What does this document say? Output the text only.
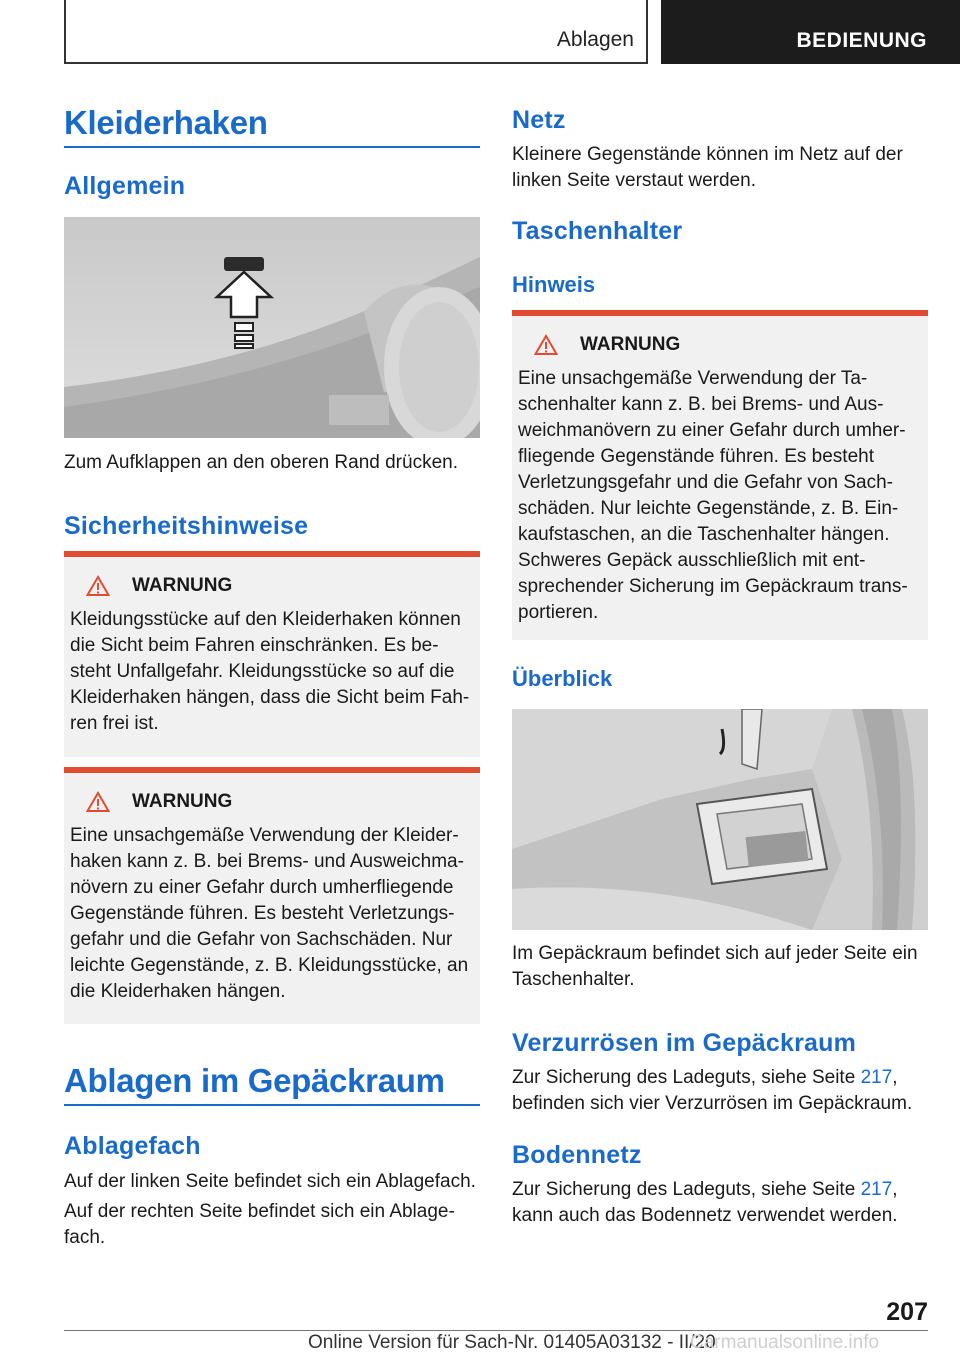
Ablagen	BEDIENUNG
Kleiderhaken
Allgemein

Zum Aufklappen an den oberen Rand drücken.

Sicherheitshinweise
WARNUNG

Kleidungsstücke auf den Kleiderhaken können die Sicht beim Fahren einschränken. Es be-steht Unfallgefahr. Kleidungsstücke so auf die Kleiderhaken hängen, dass die Sicht beim Fah-ren frei ist.

WARNUNG

Eine unsachgemäße Verwendung der Kleider-haken kann z. B. bei Brems- und Ausweichma-növern zu einer Gefahr durch umherfliegende Gegenstände führen. Es besteht Verletzungs-gefahr und die Gefahr von Sachschäden. Nur leichte Gegenstände, z. B. Kleidungsstücke, an die Kleiderhaken hängen.

Ablagen im Gepäckraum
Ablagefach

Auf der linken Seite befindet sich ein Ablagefach.

Auf der rechten Seite befindet sich ein Ablage-fach.

Netz

Kleinere Gegenstände können im Netz auf der linken Seite verstaut werden.

Taschenhalter
Hinweis
WARNUNG

Eine unsachgemäße Verwendung der Ta-schenhalter kann z. B. bei Brems- und Aus-weichmanövern zu einer Gefahr durch umher-fliegende Gegenstände führen. Es besteht Verletzungsgefahr und die Gefahr von Sach-schäden. Nur leichte Gegenstände, z. B. Ein-kaufstaschen, an die Taschenhalter hängen. Schweres Gepäck ausschließlich mit ent-sprechender Sicherung im Gepäckraum trans-portieren.

Überblick

Im Gepäckraum befindet sich auf jeder Seite ein Taschenhalter.

Verzurrösen im Gepäckraum

Zur Sicherung des Ladeguts, siehe Seite 217, befinden sich vier Verzurrösen im Gepäckraum.

Bodennetz

Zur Sicherung des Ladeguts, siehe Seite 217, kann auch das Bodennetz verwendet werden.

207
Online Version für Sach-Nr. 01405A03132 - II/20
Carmanualsonline.info
